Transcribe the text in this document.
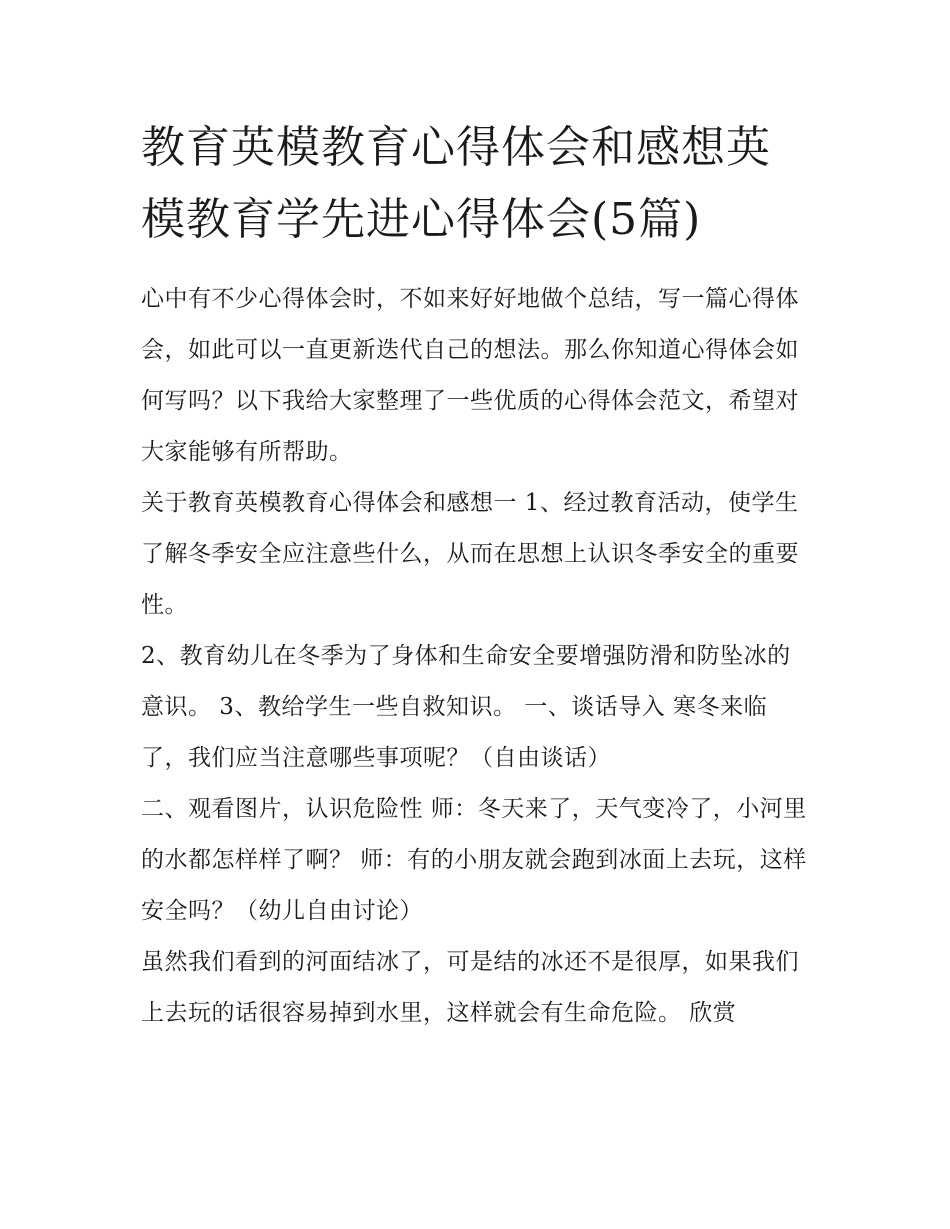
教育英模教育心得体会和感想英模教育学先进心得体会(5篇)

心中有不少心得体会时，不如来好好地做个总结，写一篇心得体会，如此可以一直更新迭代自己的想法。那么你知道心得体会如何写吗？以下我给大家整理了一些优质的心得体会范文，希望对大家能够有所帮助。

关于教育英模教育心得体会和感想一 1、经过教育活动，使学生了解冬季安全应注意些什么，从而在思想上认识冬季安全的重要性。

2、教育幼儿在冬季为了身体和生命安全要增强防滑和防坠冰的意识。 3、教给学生一些自救知识。 一、谈话导入 寒冬来临了，我们应当注意哪些事项呢？（自由谈话）

二、观看图片，认识危险性 师：冬天来了，天气变冷了，小河里的水都怎样样了啊？ 师：有的小朋友就会跑到冰面上去玩，这样安全吗？（幼儿自由讨论）

虽然我们看到的河面结冰了，可是结的冰还不是很厚，如果我们上去玩的话很容易掉到水里，这样就会有生命危险。 欣赏
